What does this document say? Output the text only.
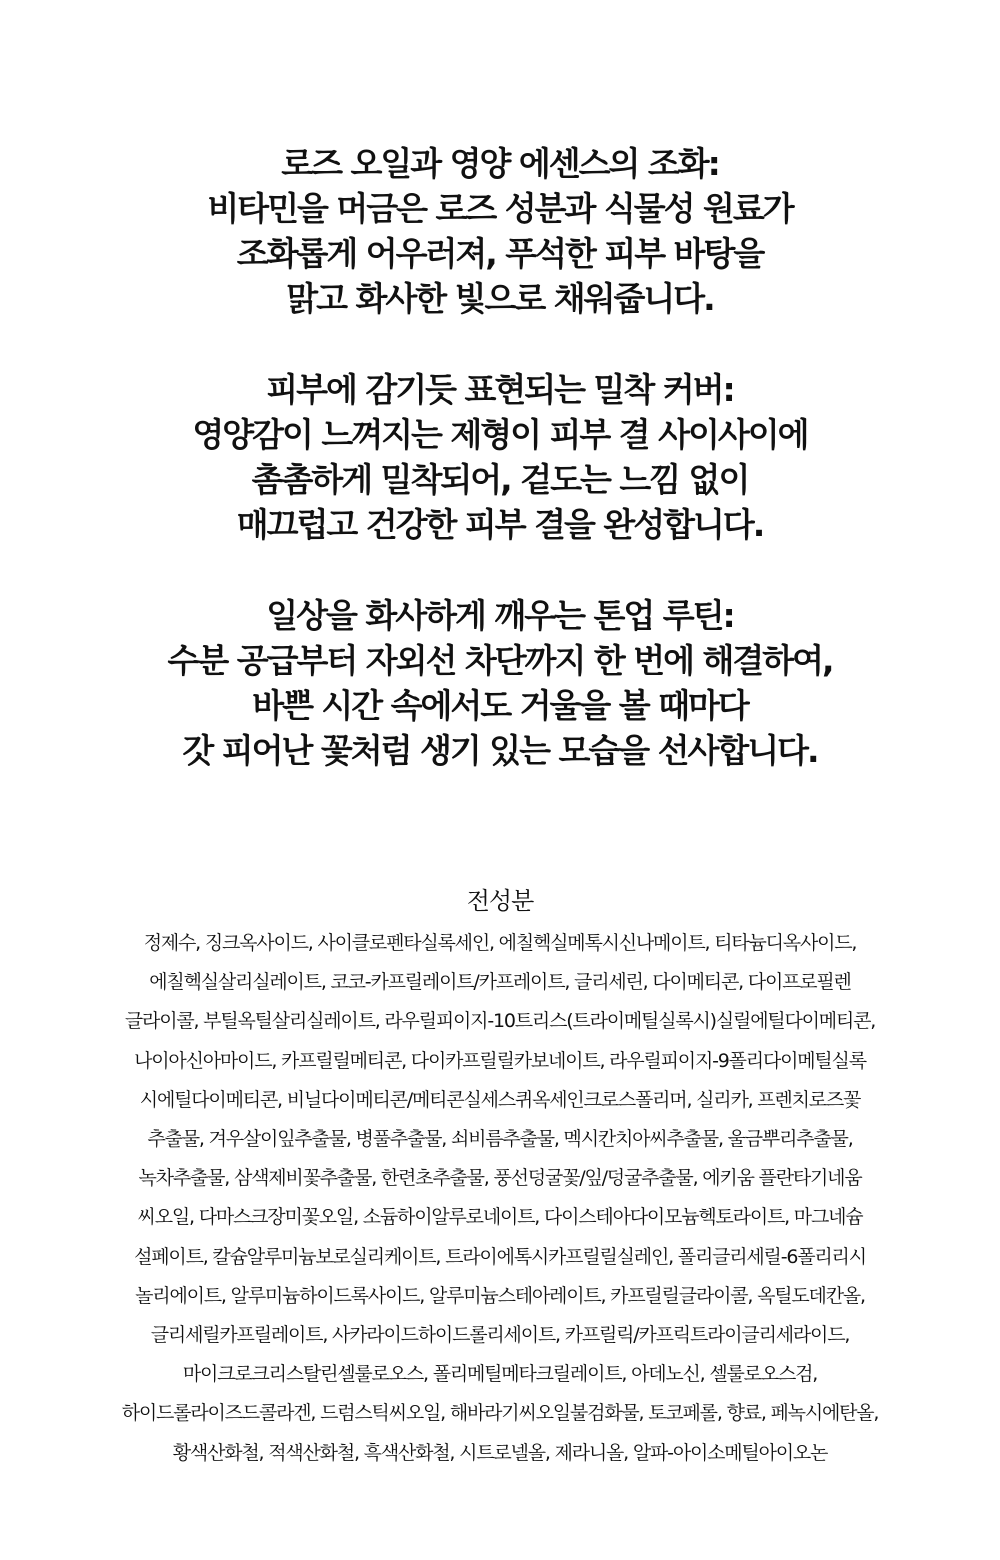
로즈 오일과 영양 에센스의 조화:
비타민을 머금은 로즈 성분과 식물성 원료가
조화롭게 어우러져, 푸석한 피부 바탕을
맑고 화사한 빛으로 채워줍니다.
피부에 감기듯 표현되는 밀착 커버:
영양감이 느껴지는 제형이 피부 결 사이사이에
촘촘하게 밀착되어, 겉도는 느낌 없이
매끄럽고 건강한 피부 결을 완성합니다.
일상을 화사하게 깨우는 톤업 루틴:
수분 공급부터 자외선 차단까지 한 번에 해결하여,
바쁜 시간 속에서도 거울을 볼 때마다
갓 피어난 꽃처럼 생기 있는 모습을 선사합니다.
전성분
정제수, 징크옥사이드, 사이클로펜타실록세인, 에칠헥실메톡시신나메이트, 티타늄디옥사이드,
에칠헥실살리실레이트, 코코-카프릴레이트/카프레이트, 글리세린, 다이메티콘, 다이프로필렌
글라이콜, 부틸옥틸살리실레이트, 라우릴피이지-10트리스(트라이메틸실록시)실릴에틸다이메티콘,
나이아신아마이드, 카프릴릴메티콘, 다이카프릴릴카보네이트, 라우릴피이지-9폴리다이메틸실록
시에틸다이메티콘, 비닐다이메티콘/메티콘실세스퀴옥세인크로스폴리머, 실리카, 프렌치로즈꽃
추출물, 겨우살이잎추출물, 병풀추출물, 쇠비름추출물, 멕시칸치아씨추출물, 울금뿌리추출물,
녹차추출물, 삼색제비꽃추출물, 한련초추출물, 풍선덩굴꽃/잎/덩굴추출물, 에키움 플란타기네움
씨오일, 다마스크장미꽃오일, 소듐하이알루로네이트, 다이스테아다이모늄헥토라이트, 마그네슘
설페이트, 칼슘알루미늄보로실리케이트, 트라이에톡시카프릴릴실레인, 폴리글리세릴-6폴리리시
놀리에이트, 알루미늄하이드록사이드, 알루미늄스테아레이트, 카프릴릴글라이콜, 옥틸도데칸올,
글리세릴카프릴레이트, 사카라이드하이드롤리세이트, 카프릴릭/카프릭트라이글리세라이드,
마이크로크리스탈린셀룰로오스, 폴리메틸메타크릴레이트, 아데노신, 셀룰로오스검,
하이드롤라이즈드콜라겐, 드럼스틱씨오일, 해바라기씨오일불검화물, 토코페롤, 향료, 페녹시에탄올,
황색산화철, 적색산화철, 흑색산화철, 시트로넬올, 제라니올, 알파-아이소메틸아이오논
